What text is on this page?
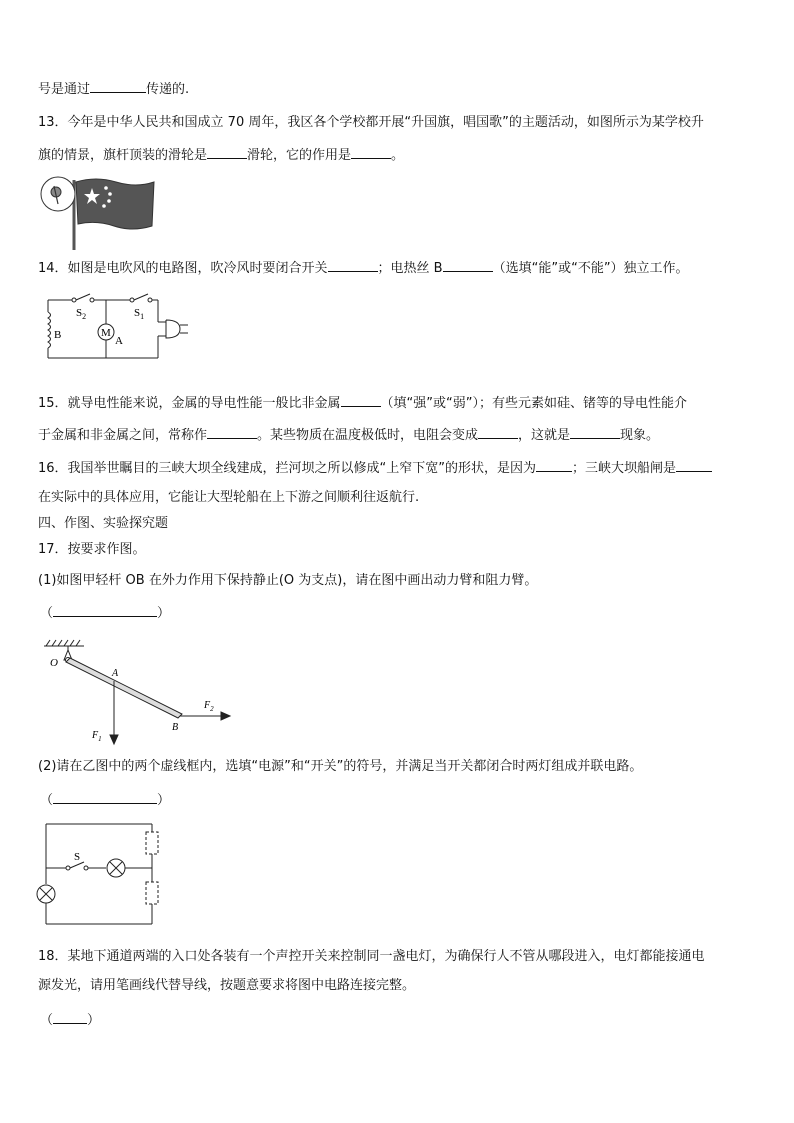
号是通过	传递的.
13．今年是中华人民共和国成立 70 周年，我区各个学校都开展“升国旗，唱国歌”的主题活动，如图所示为某学校升
旗的情景，旗杆顶装的滑轮是	滑轮，它的作用是	。
14．如图是电吹风的电路图，吹冷风时要闭合开关	；电热丝 B	（选填“能”或“不能”）独立工作。
$S_2$	$S_1$
M
A
B
15．就导电性能来说，金属的导电性能一般比非金属	（填“强”或“弱”）；有些元素如硅、锗等的导电性能介
于金属和非金属之间，常称作	。某些物质在温度极低时，电阻会变成	，这就是	现象。
16．我国举世瞩目的三峡大坝全线建成，拦河坝之所以修成“上窄下宽”的形状，是因为	；三峡大坝船闸是
在实际中的具体应用，它能让大型轮船在上下游之间顺利往返航行.
四、作图、实验探究题
17．按要求作图。
(1)如图甲轻杆 OB 在外力作用下保持静止(O 为支点)，请在图中画出动力臂和阻力臂。
（	）
O
A
B
$F_1$
$F_2$
(2)请在乙图中的两个虚线框内，选填“电源”和“开关”的符号，并满足当开关都闭合时两灯组成并联电路。
（	）
S
18．某地下通道两端的入口处各装有一个声控开关来控制同一盏电灯，为确保行人不管从哪段进入，电灯都能接通电
源发光，请用笔画线代替导线，按题意要求将图中电路连接完整。
（	）
